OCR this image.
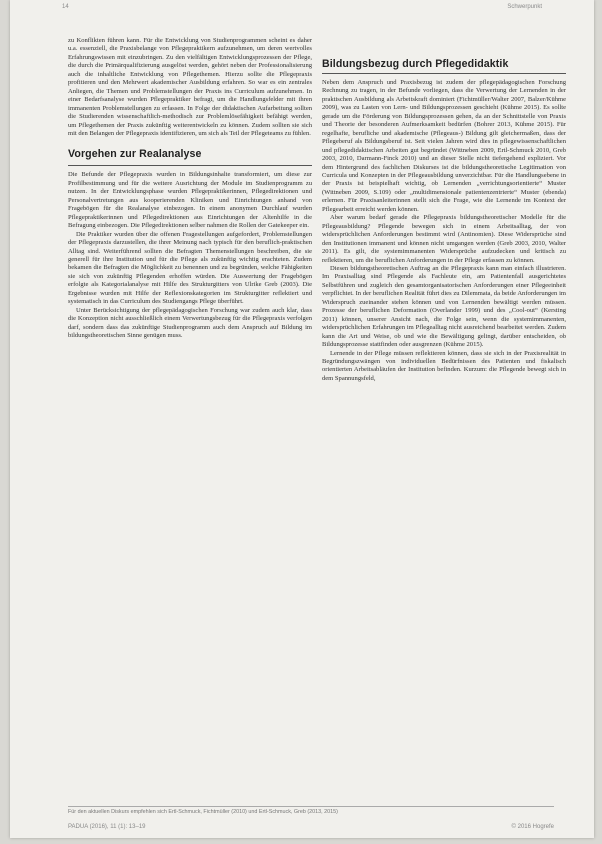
14	Schwerpunkt

zu Konflikten führen kann. Für die Entwicklung von Studienprogrammen scheint es daher u.a. essenziell, die Praxisbelange von Pflegepraktikern aufzunehmen, um deren wertvolles Erfahrungswissen mit einzubringen. Zu den vielfältigen Entwicklungsprozessen der Pflege, die durch die Primärqualifizierung ausgelöst werden, gehört neben der Professionalisierung auch die inhaltliche Entwicklung von Pflegethemen. Hierzu sollte die Pflegepraxis profitieren und den Mehrwert akademischer Ausbildung erfahren. So war es ein zentrales Anliegen, die Themen und Problemstellungen der Praxis ins Curriculum aufzunehmen. In einer Bedarfsanalyse wurden Pflegepraktiker befragt, um die Handlungsfelder mit ihren immanenten Problemstellungen zu erfassen. In Folge der didaktischen Aufarbeitung sollten die Studierenden wissenschaftlich-methodisch zur Problemlösefähigkeit befähigt werden, um Pflegethemen der Praxis zukünftig weiterentwickeln zu können. Zudem sollten sie sich mit den Belangen der Pflegepraxis identifizieren, um sich als Teil der Pflegeteams zu fühlen.

Vorgehen zur Realanalyse

Die Befunde der Pflegepraxis wurden in Bildungsinhalte transformiert, um diese zur Profilbestimmung und für die weitere Ausrichtung der Module im Studienprogramm zu nutzen. In der Entwicklungsphase wurden Pflegepraktikerinnen, Pflegedirektionen und Personalvertretungen aus kooperierenden Kliniken und Einrichtungen anhand von Fragebögen für die Realanalyse einbezogen. In einem anonymen Durchlauf wurden Pflegepraktikerinnen und Pflegedirektionen aus Einrichtungen der Altenhilfe in die Befragung einbezogen. Die Pflegedirektionen selber nahmen die Rollen der Gatekeeper ein.

Die Praktiker wurden über die offenen Fragestellungen aufgefordert, Problemstellungen der Pflegepraxis darzustellen, die ihrer Meinung nach typisch für den beruflich-praktischen Alltag sind. Weiterführend sollten die Befragten Themenstellungen beschreiben, die sie generell für ihre Institution und für die Pflege als zukünftig wichtig erachteten. Zudem bekamen die Befragten die Möglichkeit zu benennen und zu begründen, welche Fähigkeiten sie sich von zukünftig Pflegenden erhoffen würden. Die Auswertung der Fragebögen erfolgte als Kategorialanalyse mit Hilfe des Strukturgitters von Ulrike Greb (2003). Die Ergebnisse wurden mit Hilfe der Reflexionskategorien im Strukturgitter reflektiert und systematisch in das Curriculum des Studiengangs Pflege überführt.

Unter Berücksichtigung der pflegepädagogischen Forschung war zudem auch klar, dass die Konzeption nicht ausschließlich einem Verwertungsbezug für die Pflegepraxis verfolgen darf, sondern dass das zukünftige Studienprogramm auch dem Anspruch auf Bildung im bildungstheoretischen Sinne genügen muss.

Bildungsbezug durch Pflegedidaktik

Neben dem Anspruch und Praxisbezug ist zudem der pflegepädagogischen Forschung Rechnung zu tragen, in der Befunde vorliegen, dass die Verwertung der Lernenden in der praktischen Ausbildung als Arbeitskraft dominiert (Fichtmüller/Walter 2007, Balzer/Kühme 2009), was zu Lasten von Lern- und Bildungsprozessen geschieht (Kühme 2015). Es sollte gerade um die Förderung von Bildungsprozessen gehen, da an der Schnittstelle von Praxis und Theorie der besonderen Aufmerksamkeit bedürfen (Bohrer 2013, Kühme 2015). Für regelhafte, berufliche und akademische (Pflegeaus-) Bildung gilt gleichermaßen, dass der Pflegeberuf als Bildungsberuf ist. Seit vielen Jahren wird dies in pflegewissenschaftlichen und pflegedidaktischen Arbeiten gut begründet (Wittneben 2009, Ertl-Schmuck 2010, Greb 2003, 2010, Darmann-Finck 2010) und an dieser Stelle nicht tiefergehend expliziert. Vor dem Hintergrund des fachlichen Diskurses ist die bildungstheoretische Legitimation von Curricula und Konzepten in der Pflegeausbildung unverzichtbar. Für die Handlungsebene in der Praxis ist beispielhaft wichtig, ob Lernenden „verrichtungsorientierte“ Muster (Wittneben 2009, S.109) oder „multidimensionale patientenzentrierte“ Muster (ebenda) erlernen. Für Praxisanleiterinnen stellt sich die Frage, wie die Lernende im Kontext der Pflegearbeit erreicht werden können.

Aber warum bedarf gerade die Pflegepraxis bildungstheoretischer Modelle für die Pflegeausbildung? Pflegende bewegen sich in einem Arbeitsalltag, der von widersprüchlichen Anforderungen bestimmt wird (Antinomien). Diese Widersprüche sind den Institutionen immanent und können nicht umgangen werden (Greb 2003, 2010, Walter 2011). Es gilt, die systemimmanenten Widersprüche aufzudecken und kritisch zu reflektieren, um die beruflichen Anforderungen in der Pflege erfassen zu können.

Diesen bildungstheoretischen Auftrag an die Pflegepraxis kann man einfach illustrieren. Im Praxisalltag sind Pflegende als Fachleute ein, am Patientenfall ausgerichtetes Selbstführen und zugleich den gesamtorganisatorischen Anforderungen einer Pflegeeinheit verpflichtet. In der beruflichen Realität führt dies zu Dilemmata, da beide Anforderungen im Widerspruch zueinander stehen können und von Lernenden bewältigt werden müssen. Prozesse der beruflichen Deformation (Overlander 1999) und des „Cool-out“ (Kersting 2011) können, unserer Ansicht nach, die Folge sein, wenn die systemimmanenten, widersprüchlichen Erfahrungen im Pflegealltag nicht ausreichend bearbeitet werden. Zudem kann die Art und Weise, ob und wie die Bewältigung gelingt, darüber entscheiden, ob Bildungsprozesse stattfinden oder ausgrenzen (Kühme 2015).

Lernende in der Pflege müssen reflektieren können, dass sie sich in der Praxisrealität in Begründungszwängen von individuellen Bedürfnissen des Patienten und fiskalisch orientierten Arbeitsabläufen der Institution befinden. Kurzum: die Pflegende bewegt sich in dem Spannungsfeld,

Für den aktuellen Diskurs empfehlen sich Ertl-Schmuck, Fichtmüller (2010) und Ertl-Schmuck, Greb (2013, 2015)
PADUA (2016), 11 (1): 13–19	© 2016 Hogrefe
